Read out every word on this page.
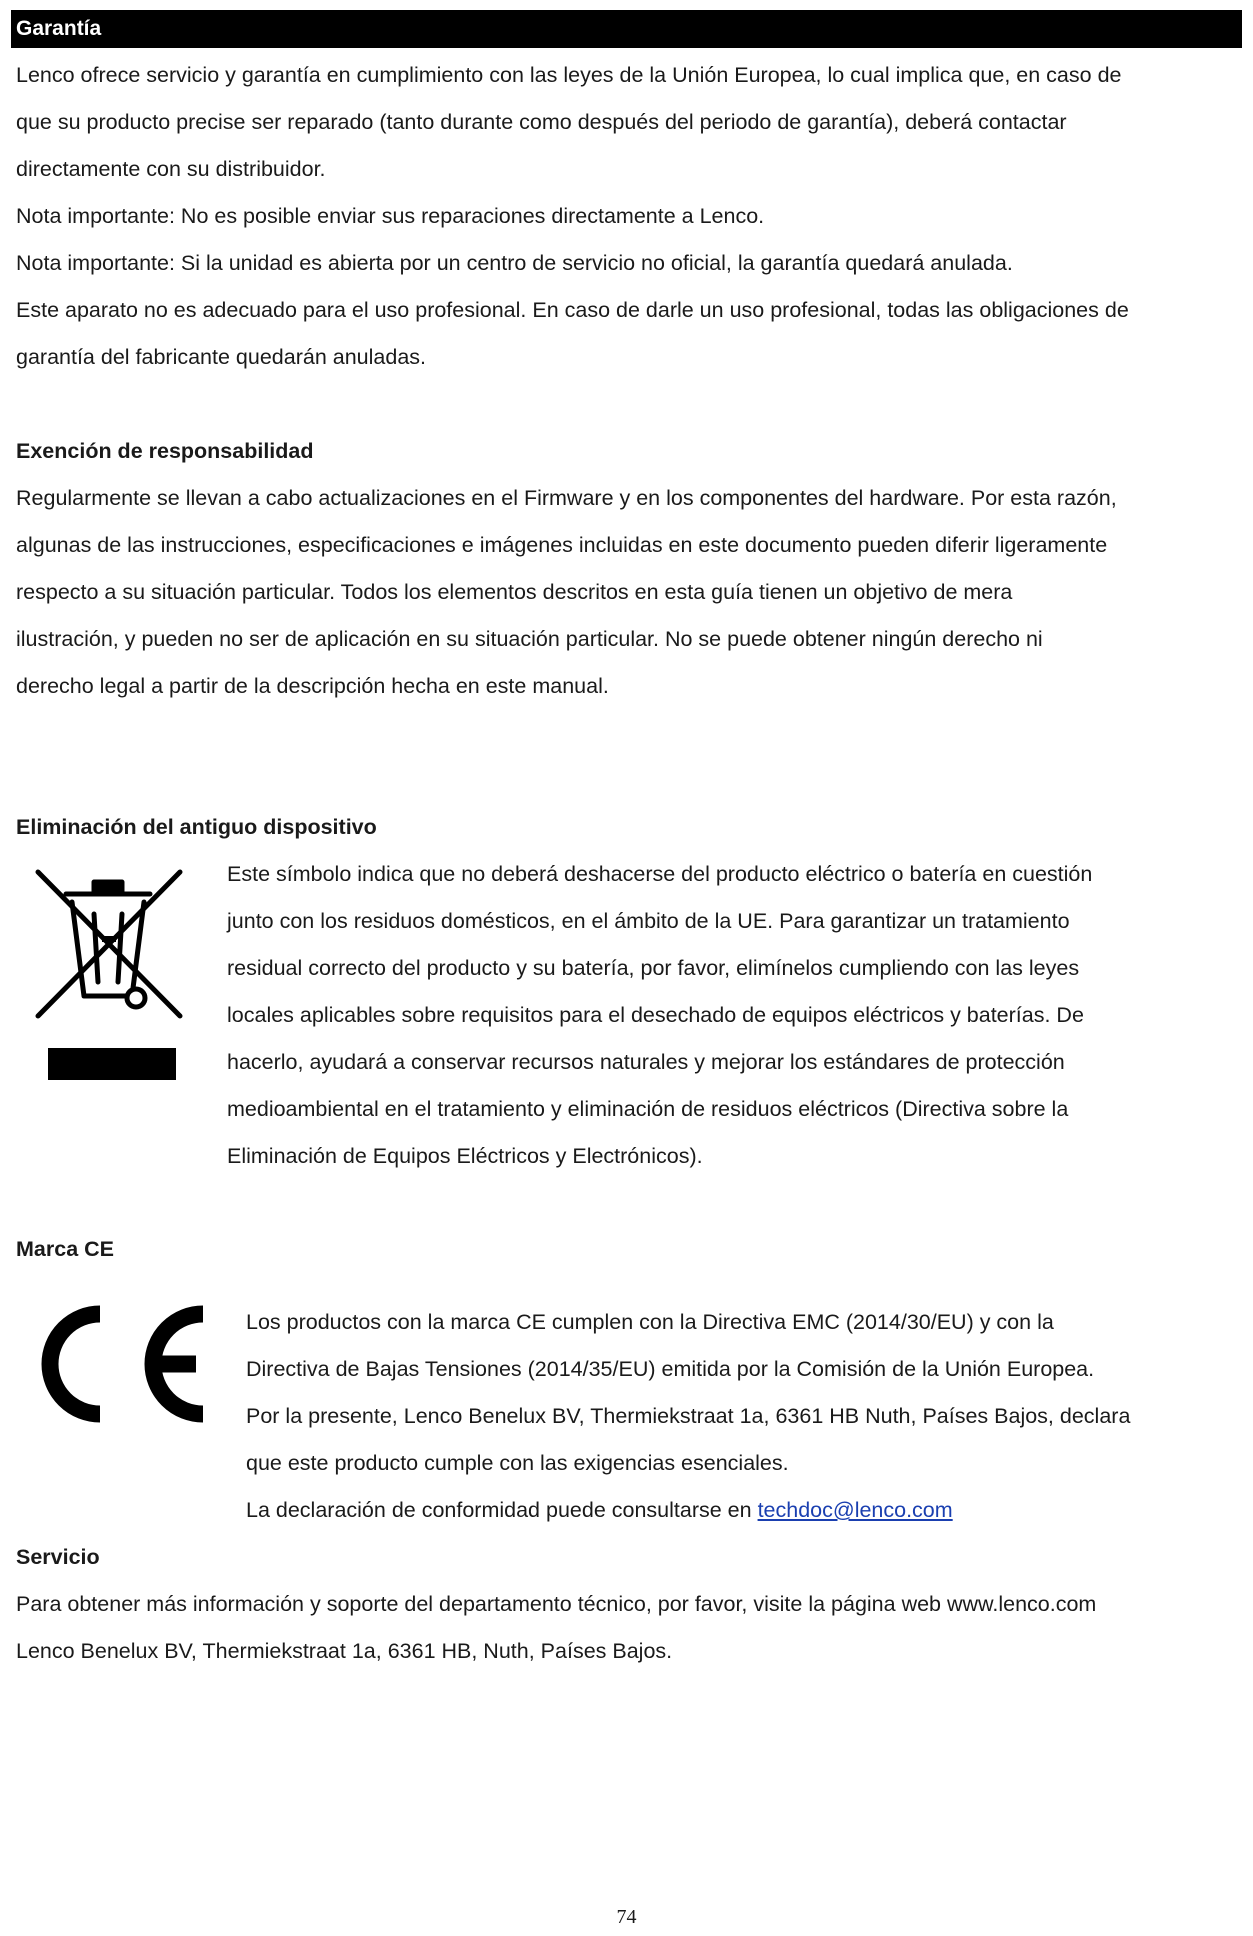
Garantía

Lenco ofrece servicio y garantía en cumplimiento con las leyes de la Unión Europea, lo cual implica que, en caso de

que su producto precise ser reparado (tanto durante como después del periodo de garantía), deberá contactar

directamente con su distribuidor.

Nota importante: No es posible enviar sus reparaciones directamente a Lenco.

Nota importante: Si la unidad es abierta por un centro de servicio no oficial, la garantía quedará anulada.

Este aparato no es adecuado para el uso profesional. En caso de darle un uso profesional, todas las obligaciones de

garantía del fabricante quedarán anuladas.

Exención de responsabilidad

Regularmente se llevan a cabo actualizaciones en el Firmware y en los componentes del hardware. Por esta razón,

algunas de las instrucciones, especificaciones e imágenes incluidas en este documento pueden diferir ligeramente

respecto a su situación particular. Todos los elementos descritos en esta guía tienen un objetivo de mera

ilustración, y pueden no ser de aplicación en su situación particular. No se puede obtener ningún derecho ni

derecho legal a partir de la descripción hecha en este manual.

Eliminación del antiguo dispositivo

Este símbolo indica que no deberá deshacerse del producto eléctrico o batería en cuestión

junto con los residuos domésticos, en el ámbito de la UE. Para garantizar un tratamiento

residual correcto del producto y su batería, por favor, elimínelos cumpliendo con las leyes

locales aplicables sobre requisitos para el desechado de equipos eléctricos y baterías. De

hacerlo, ayudará a conservar recursos naturales y mejorar los estándares de protección

medioambiental en el tratamiento y eliminación de residuos eléctricos (Directiva sobre la

Eliminación de Equipos Eléctricos y Electrónicos).

Marca CE

Los productos con la marca CE cumplen con la Directiva EMC (2014/30/EU) y con la

Directiva de Bajas Tensiones (2014/35/EU) emitida por la Comisión de la Unión Europea.

Por la presente, Lenco Benelux BV, Thermiekstraat 1a, 6361 HB Nuth, Países Bajos, declara

que este producto cumple con las exigencias esenciales.

La declaración de conformidad puede consultarse en techdoc@lenco.com

Servicio

Para obtener más información y soporte del departamento técnico, por favor, visite la página web www.lenco.com

Lenco Benelux BV, Thermiekstraat 1a, 6361 HB, Nuth, Países Bajos.

74
